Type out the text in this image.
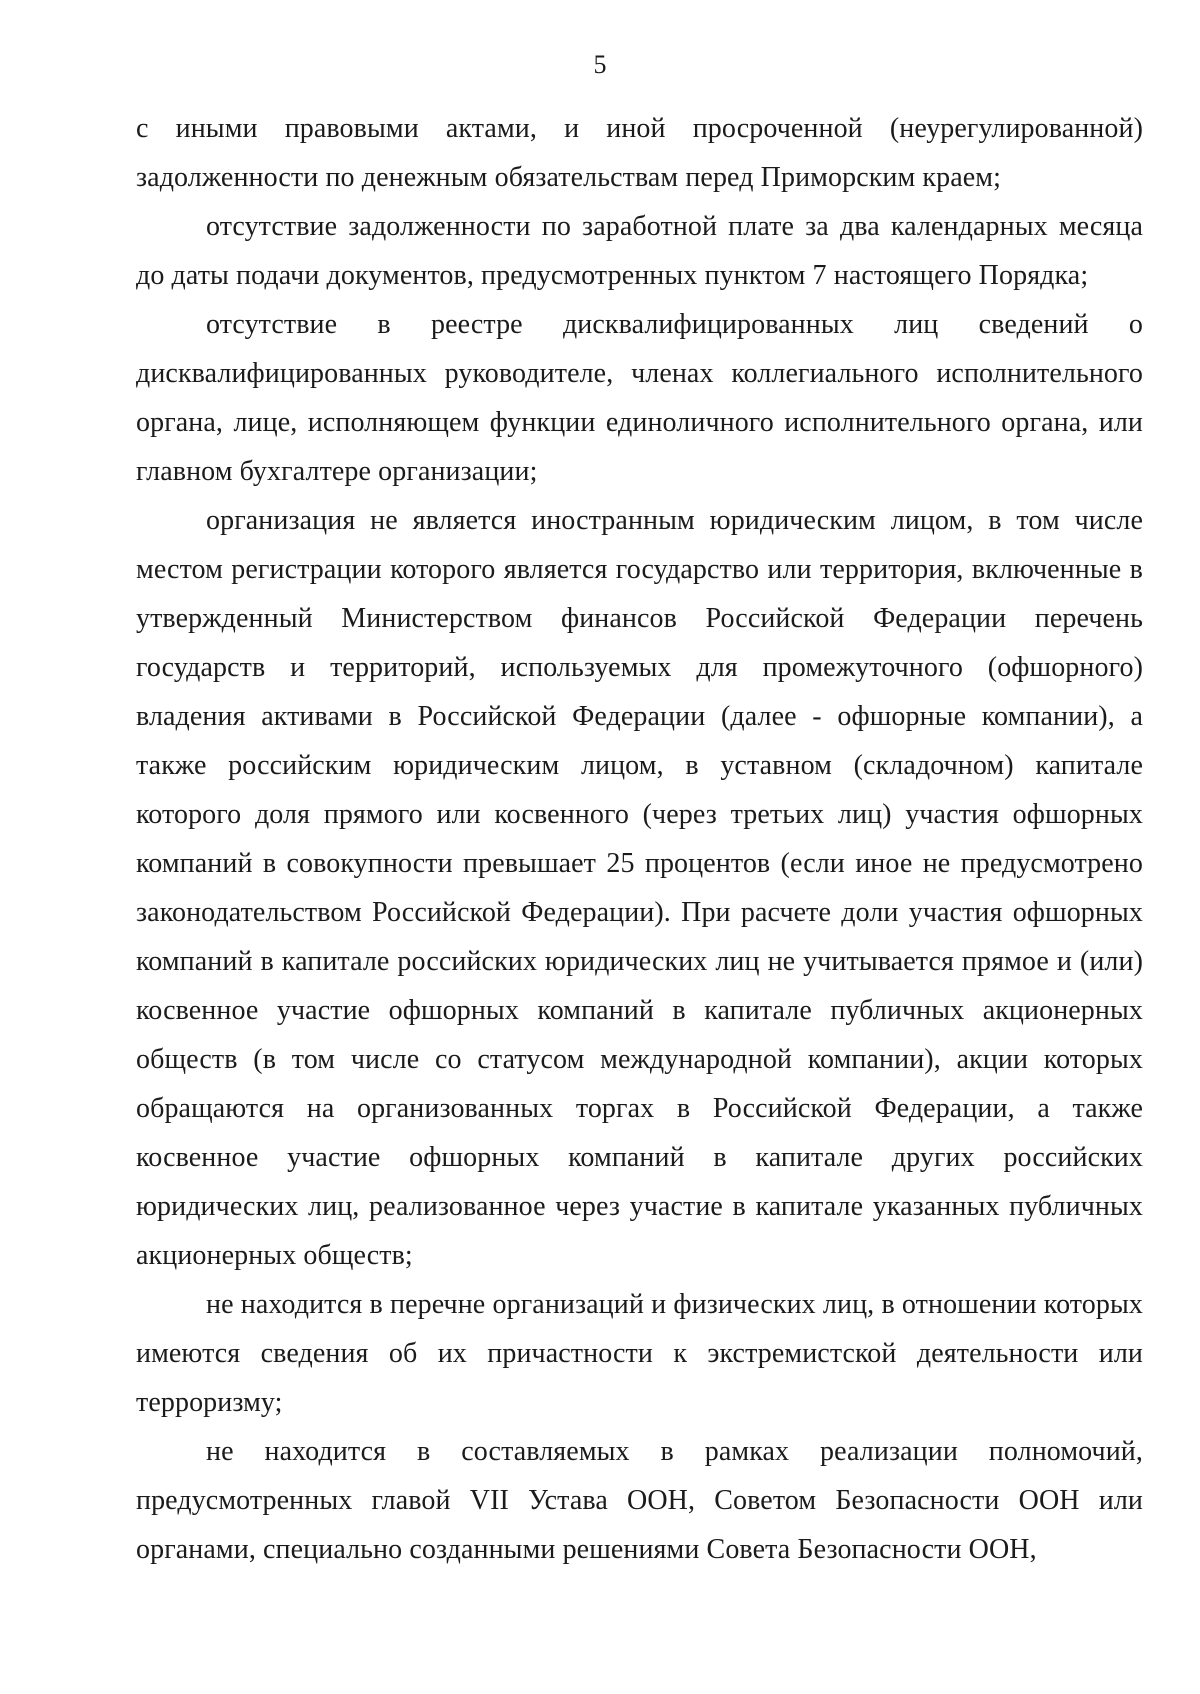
5

с иными правовыми актами, и иной просроченной (неурегулированной) задолженности по денежным обязательствам перед Приморским краем;

отсутствие задолженности по заработной плате за два календарных месяца до даты подачи документов, предусмотренных пунктом 7 настоящего Порядка;

отсутствие в реестре дисквалифицированных лиц сведений о дисквалифицированных руководителе, членах коллегиального исполнительного органа, лице, исполняющем функции единоличного исполнительного органа, или главном бухгалтере организации;

организация не является иностранным юридическим лицом, в том числе местом регистрации которого является государство или территория, включенные в утвержденный Министерством финансов Российской Федерации перечень государств и территорий, используемых для промежуточного (офшорного) владения активами в Российской Федерации (далее - офшорные компании), а также российским юридическим лицом, в уставном (складочном) капитале которого доля прямого или косвенного (через третьих лиц) участия офшорных компаний в совокупности превышает 25 процентов (если иное не предусмотрено законодательством Российской Федерации). При расчете доли участия офшорных компаний в капитале российских юридических лиц не учитывается прямое и (или) косвенное участие офшорных компаний в капитале публичных акционерных обществ (в том числе со статусом международной компании), акции которых обращаются на организованных торгах в Российской Федерации, а также косвенное участие офшорных компаний в капитале других российских юридических лиц, реализованное через участие в капитале указанных публичных акционерных обществ;

не находится в перечне организаций и физических лиц, в отношении которых имеются сведения об их причастности к экстремистской деятельности или терроризму;

не находится в составляемых в рамках реализации полномочий, предусмотренных главой VII Устава ООН, Советом Безопасности ООН или органами, специально созданными решениями Совета Безопасности ООН,
